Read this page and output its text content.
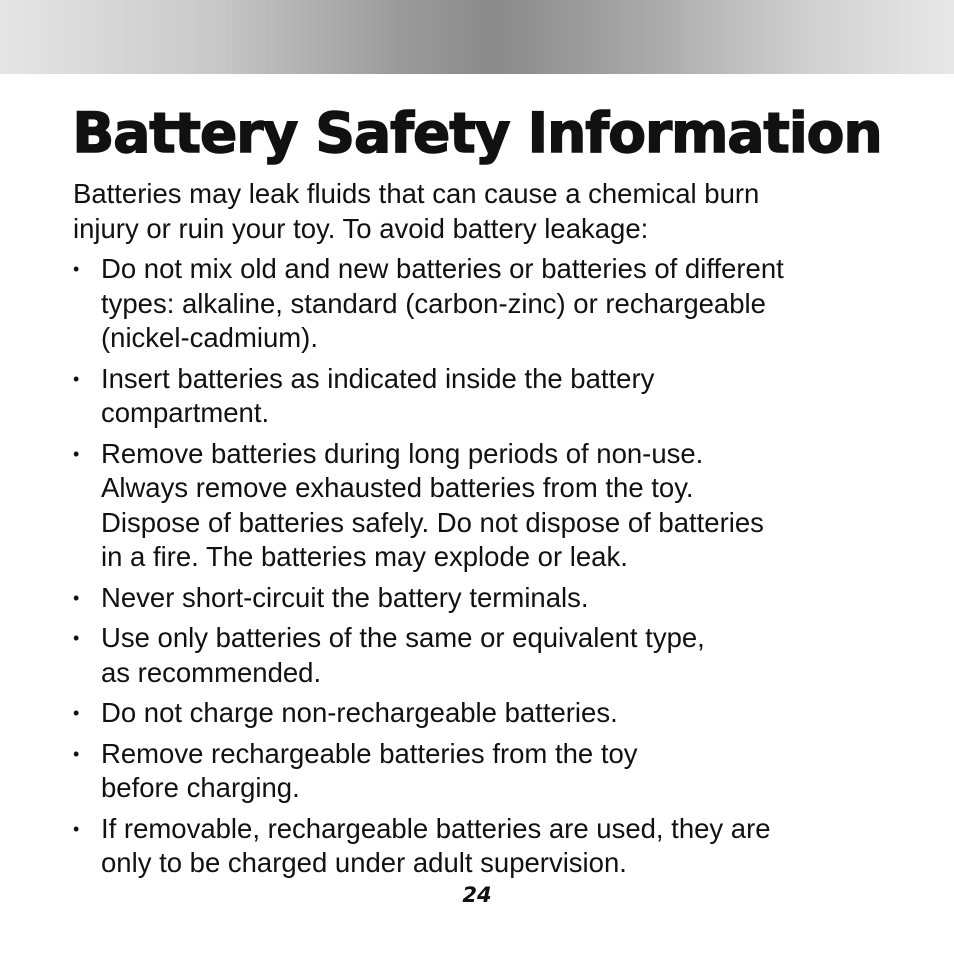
Battery Safety Information
Batteries may leak fluids that can cause a chemical burn
injury or ruin your toy. To avoid battery leakage:
• Do not mix old and new batteries or batteries of different
types: alkaline, standard (carbon-zinc) or rechargeable
(nickel-cadmium).
• Insert batteries as indicated inside the battery
compartment.
• Remove batteries during long periods of non-use.
Always remove exhausted batteries from the toy.
Dispose of batteries safely. Do not dispose of batteries
in a fire. The batteries may explode or leak.
• Never short-circuit the battery terminals.
• Use only batteries of the same or equivalent type,
as recommended.
• Do not charge non-rechargeable batteries.
• Remove rechargeable batteries from the toy
before charging.
• If removable, rechargeable batteries are used, they are
only to be charged under adult supervision.
24
